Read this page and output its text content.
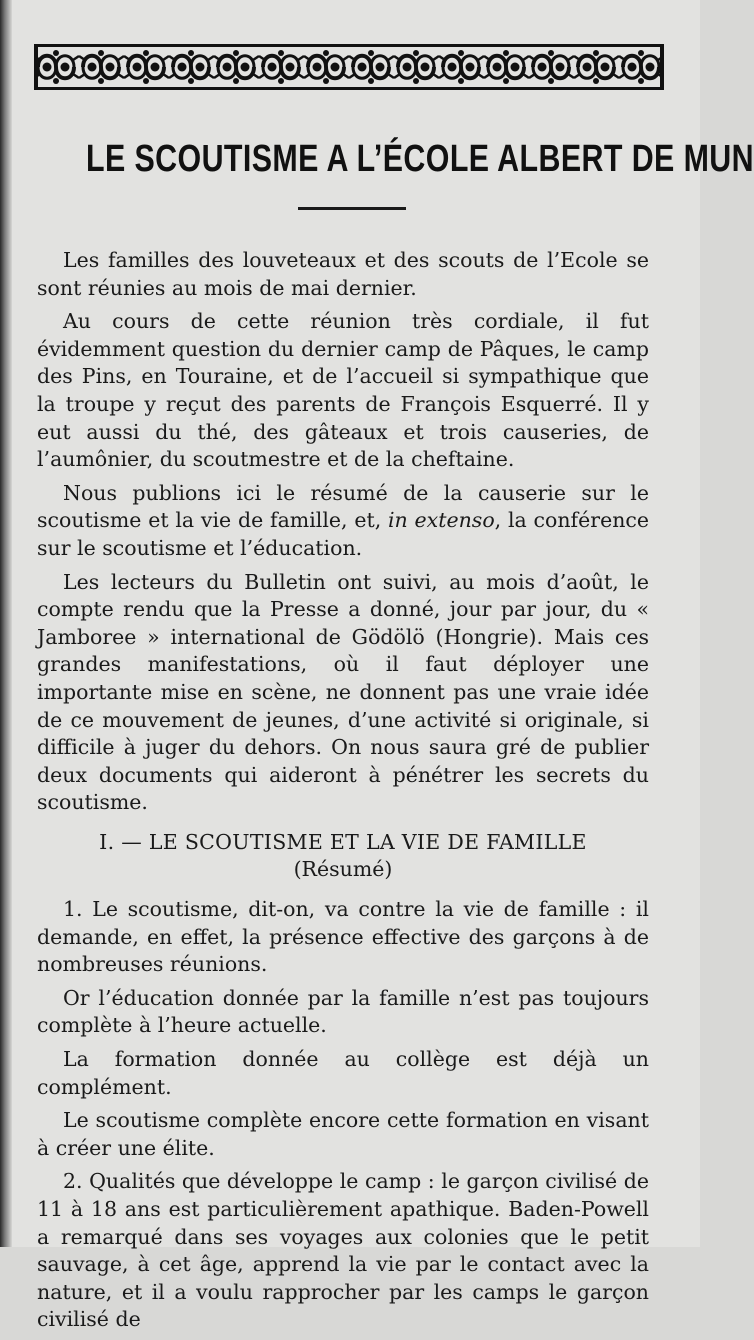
LE SCOUTISME A L’ÉCOLE ALBERT DE MUN

Les familles des louveteaux et des scouts de l’Ecole se sont réunies au mois de mai dernier.

Au cours de cette réunion très cordiale, il fut évidemment question du dernier camp de Pâques, le camp des Pins, en Touraine, et de l’accueil si sympathique que la troupe y reçut des parents de François Esquerré. Il y eut aussi du thé, des gâteaux et trois causeries, de l’aumônier, du scoutmestre et de la cheftaine.

Nous publions ici le résumé de la causerie sur le scoutisme et la vie de famille, et, in extenso, la conférence sur le scoutisme et l’éducation.

Les lecteurs du Bulletin ont suivi, au mois d’août, le compte rendu que la Presse a donné, jour par jour, du « Jamboree » international de Gödölö (Hongrie). Mais ces grandes manifestations, où il faut déployer une importante mise en scène, ne donnent pas une vraie idée de ce mouvement de jeunes, d’une activité si originale, si difficile à juger du dehors. On nous saura gré de publier deux documents qui aideront à pénétrer les secrets du scoutisme.

I. — LE SCOUTISME ET LA VIE DE FAMILLE

(Résumé)

1. Le scoutisme, dit-on, va contre la vie de famille : il demande, en effet, la présence effective des garçons à de nombreuses réunions.

Or l’éducation donnée par la famille n’est pas toujours complète à l’heure actuelle.

La formation donnée au collège est déjà un complément.

Le scoutisme complète encore cette formation en visant à créer une élite.

2. Qualités que développe le camp : le garçon civilisé de 11 à 18 ans est particulièrement apathique. Baden-Powell a remarqué dans ses voyages aux colonies que le petit sauvage, à cet âge, apprend la vie par le contact avec la nature, et il a voulu rapprocher par les camps le garçon civilisé de
